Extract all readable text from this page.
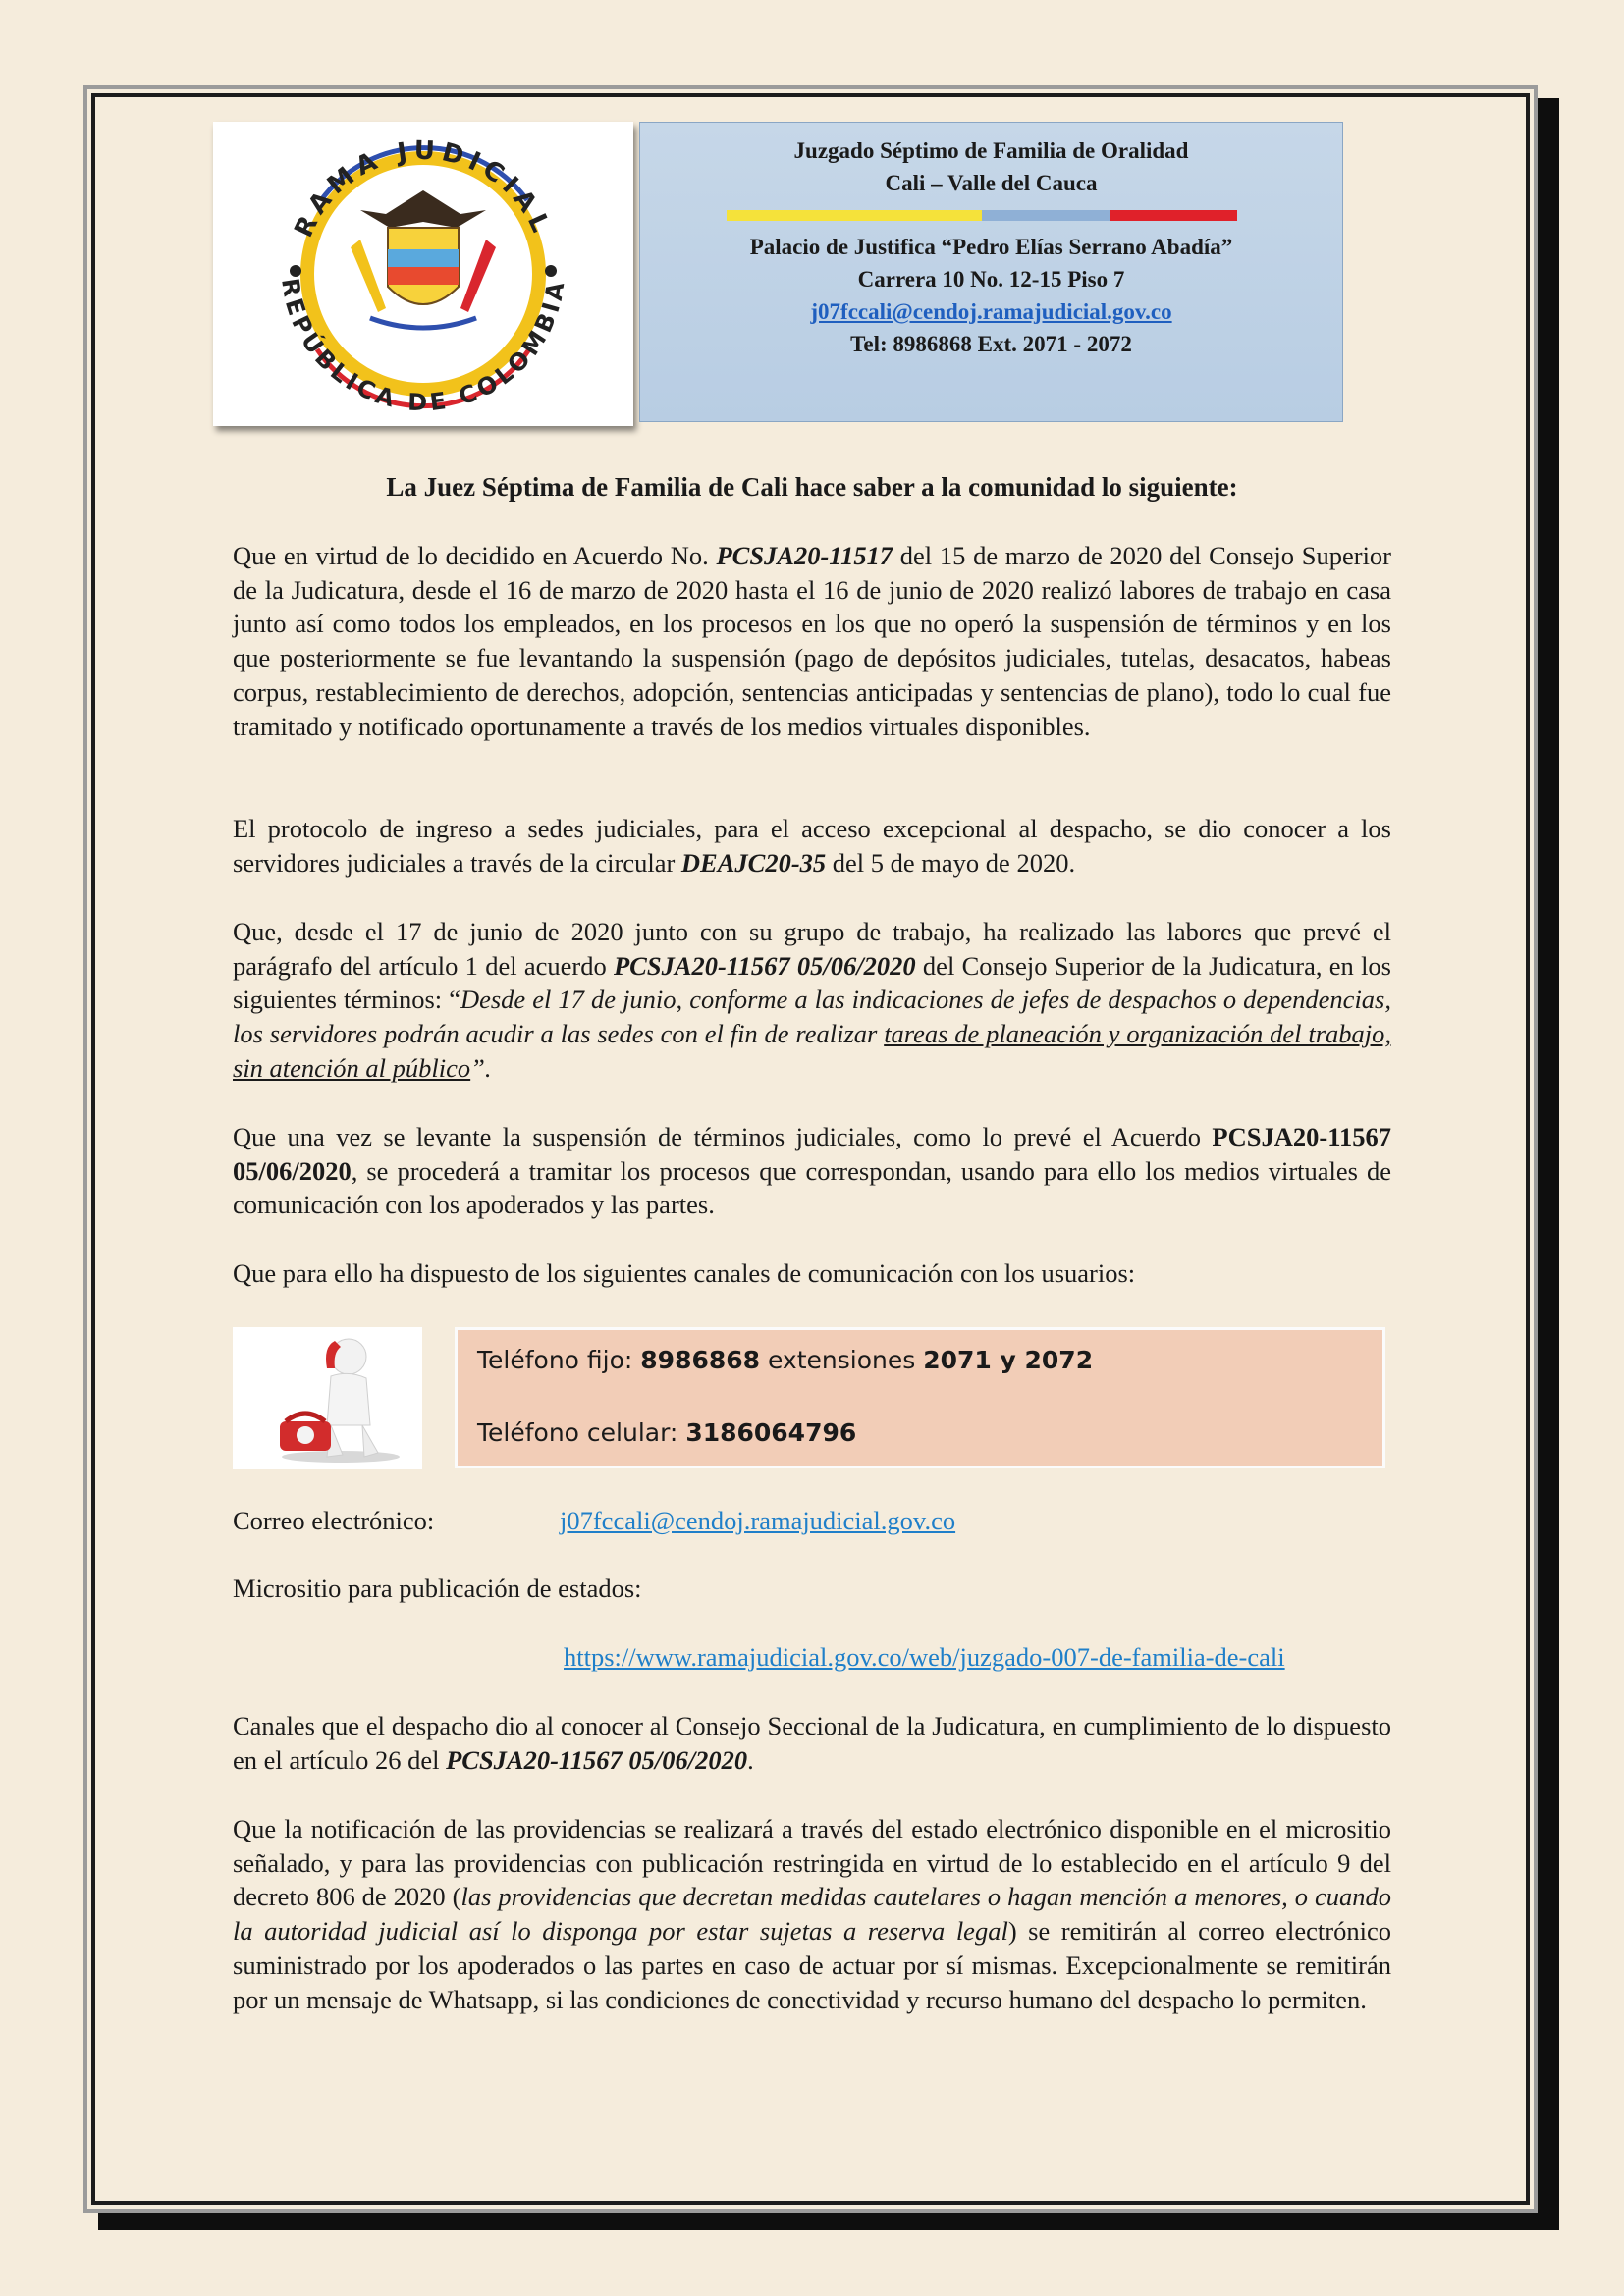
RAMA JUDICIAL
REPÚBLICA DE COLOMBIA
Juzgado Séptimo de Familia de Oralidad
Cali – Valle del Cauca
Palacio de Justifica “Pedro Elías Serrano Abadía”
Carrera 10 No. 12-15 Piso 7
j07fccali@cendoj.ramajudicial.gov.co
Tel: 8986868 Ext. 2071 - 2072
La Juez Séptima de Familia de Cali hace saber a la comunidad lo siguiente:
Que en virtud de lo decidido en Acuerdo No. PCSJA20-11517 del 15 de marzo de 2020 del Consejo Superior de la Judicatura, desde el 16 de marzo de 2020 hasta el 16 de junio de 2020 realizó labores de trabajo en casa junto así como todos los empleados, en los procesos en los que no operó la suspensión de términos y en los que posteriormente se fue levantando la suspensión (pago de depósitos judiciales, tutelas, desacatos, habeas corpus, restablecimiento de derechos, adopción, sentencias anticipadas y sentencias de plano), todo lo cual fue tramitado y notificado oportunamente a través de los medios virtuales disponibles.
El protocolo de ingreso a sedes judiciales, para el acceso excepcional al despacho, se dio conocer a los servidores judiciales a través de la circular DEAJC20-35 del 5 de mayo de 2020.
Que, desde el 17 de junio de 2020 junto con su grupo de trabajo, ha realizado las labores que prevé el parágrafo del artículo 1 del acuerdo PCSJA20-11567 05/06/2020 del Consejo Superior de la Judicatura, en los siguientes términos: “Desde el 17 de junio, conforme a las indicaciones de jefes de despachos o dependencias, los servidores podrán acudir a las sedes con el fin de realizar tareas de planeación y organización del trabajo, sin atención al público”.
Que una vez se levante la suspensión de términos judiciales, como lo prevé el Acuerdo PCSJA20-11567 05/06/2020, se procederá a tramitar los procesos que correspondan, usando para ello los medios virtuales de comunicación con los apoderados y las partes.
Que para ello ha dispuesto de los siguientes canales de comunicación con los usuarios:
Teléfono fijo: 8986868 extensiones 2071 y 2072
Teléfono celular: 3186064796
Correo electrónico:	j07fccali@cendoj.ramajudicial.gov.co
Micrositio para publicación de estados:
https://www.ramajudicial.gov.co/web/juzgado-007-de-familia-de-cali
Canales que el despacho dio al conocer al Consejo Seccional de la Judicatura, en cumplimiento de lo dispuesto en el artículo 26 del PCSJA20-11567 05/06/2020.
Que la notificación de las providencias se realizará a través del estado electrónico disponible en el micrositio señalado, y para las providencias con publicación restringida en virtud de lo establecido en el artículo 9 del decreto 806 de 2020 (las providencias que decretan medidas cautelares o hagan mención a menores, o cuando la autoridad judicial así lo disponga por estar sujetas a reserva legal) se remitirán al correo electrónico suministrado por los apoderados o las partes en caso de actuar por sí mismas. Excepcionalmente se remitirán por un mensaje de Whatsapp, si las condiciones de conectividad y recurso humano del despacho lo permiten.
